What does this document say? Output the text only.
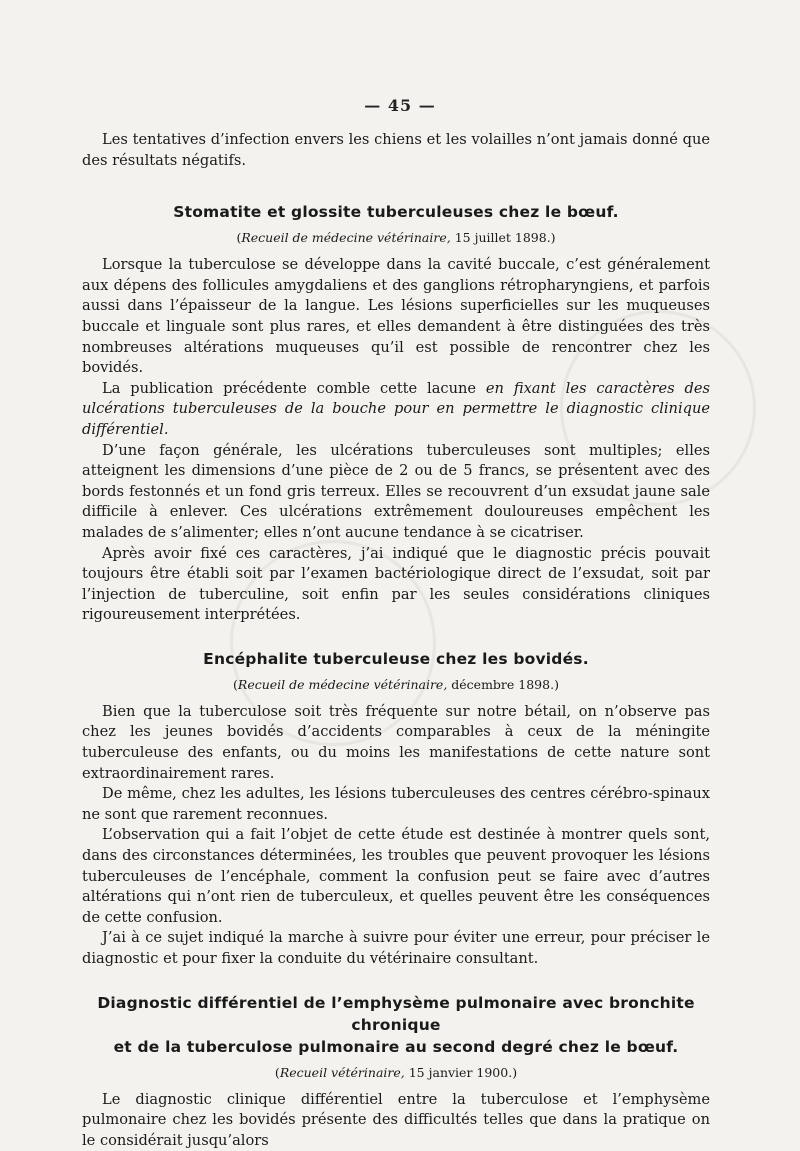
— 45 —

Les tentatives d’infection envers les chiens et les volailles n’ont jamais donné que des résultats négatifs.

Stomatite et glossite tuberculeuses chez le bœuf.

(Recueil de médecine vétérinaire, 15 juillet 1898.)

Lorsque la tuberculose se développe dans la cavité buccale, c’est généralement aux dépens des follicules amygdaliens et des ganglions rétropharyngiens, et parfois aussi dans l’épaisseur de la langue. Les lésions superficielles sur les muqueuses buccale et linguale sont plus rares, et elles demandent à être distinguées des très nombreuses altérations muqueuses qu’il est possible de rencontrer chez les bovidés.

La publication précédente comble cette lacune en fixant les caractères des ulcérations tuberculeuses de la bouche pour en permettre le diagnostic clinique différentiel.

D’une façon générale, les ulcérations tuberculeuses sont multiples; elles atteignent les dimensions d’une pièce de 2 ou de 5 francs, se présentent avec des bords festonnés et un fond gris terreux. Elles se recouvrent d’un exsudat jaune sale difficile à enlever. Ces ulcérations extrêmement douloureuses empêchent les malades de s’alimenter; elles n’ont aucune tendance à se cicatriser.

Après avoir fixé ces caractères, j’ai indiqué que le diagnostic précis pouvait toujours être établi soit par l’examen bactériologique direct de l’exsudat, soit par l’injection de tuberculine, soit enfin par les seules considérations cliniques rigoureusement interprétées.

Encéphalite tuberculeuse chez les bovidés.

(Recueil de médecine vétérinaire, décembre 1898.)

Bien que la tuberculose soit très fréquente sur notre bétail, on n’observe pas chez les jeunes bovidés d’accidents comparables à ceux de la méningite tuberculeuse des enfants, ou du moins les manifestations de cette nature sont extraordinairement rares.

De même, chez les adultes, les lésions tuberculeuses des centres cérébro-spinaux ne sont que rarement reconnues.

L’observation qui a fait l’objet de cette étude est destinée à montrer quels sont, dans des circonstances déterminées, les troubles que peuvent provoquer les lésions tuberculeuses de l’encéphale, comment la confusion peut se faire avec d’autres altérations qui n’ont rien de tuberculeux, et quelles peuvent être les conséquences de cette confusion.

J’ai à ce sujet indiqué la marche à suivre pour éviter une erreur, pour préciser le diagnostic et pour fixer la conduite du vétérinaire consultant.

Diagnostic différentiel de l’emphysème pulmonaire avec bronchite chronique
et de la tuberculose pulmonaire au second degré chez le bœuf.

(Recueil vétérinaire, 15 janvier 1900.)

Le diagnostic clinique différentiel entre la tuberculose et l’emphysème pulmonaire chez les bovidés présente des difficultés telles que dans la pratique on le considérait jusqu’alors
